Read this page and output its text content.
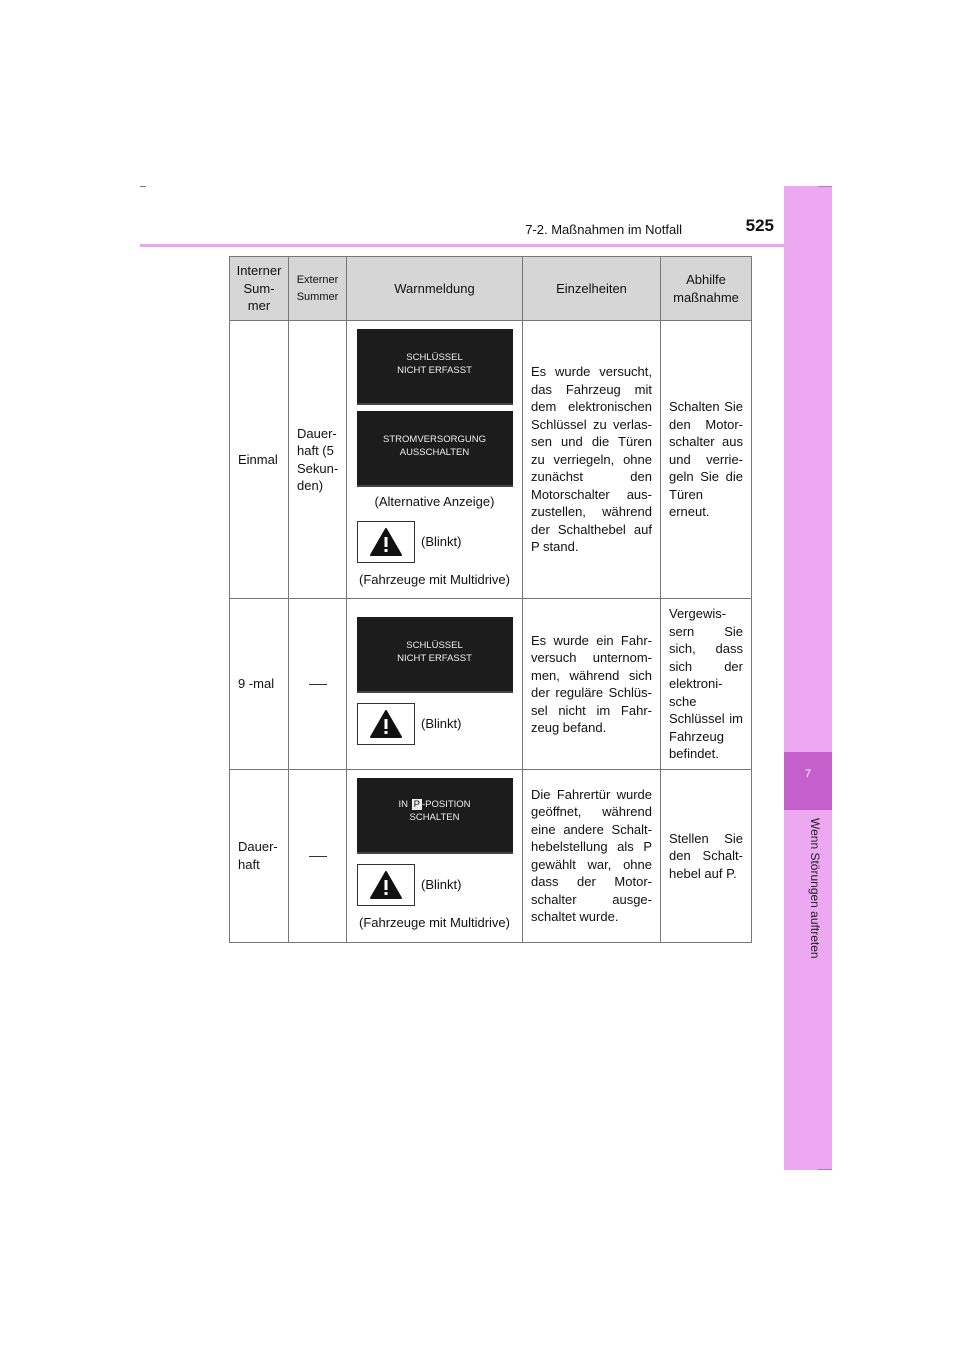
7-2. Maßnahmen im Notfall	525
7
Wenn Störungen auftreten
Interner Sum- mer	Externer Summer	Warnmeldung	Einzelheiten	Abhilfe maßnahme
Einmal	Dauer- haft (5 Sekun- den)	SCHLÜSSEL NICHT ERFASST
STROMVERSORGUNG AUSSCHALTEN
(Alternative Anzeige)
(Blinkt)
(Fahrzeuge mit Multidrive)	Es wurde versucht, das Fahrzeug mit dem elektronischen Schlüssel zu verlas- sen und die Türen zu verriegeln, ohne zunächst den Motorschalter aus- zustellen, während der Schalthebel auf P stand.	Schalten Sie den Motor- schalter aus und verrie- geln Sie die Türen erneut.
9 -mal		SCHLÜSSEL NICHT ERFASST
(Blinkt)	Es wurde ein Fahr- versuch unternom- men, während sich der reguläre Schlüs- sel nicht im Fahr- zeug befand.	Vergewis- sern Sie sich, dass sich der elektroni- sche Schlüssel im Fahrzeug befindet.
Dauer- haft		IN P -POSITION
SCHALTEN
(Blinkt)
(Fahrzeuge mit Multidrive)	Die Fahrertür wurde geöffnet, während eine andere Schalt- hebelstellung als P gewählt war, ohne dass der Motor- schalter ausge- schaltet wurde.	Stellen Sie den Schalt- hebel auf P.
